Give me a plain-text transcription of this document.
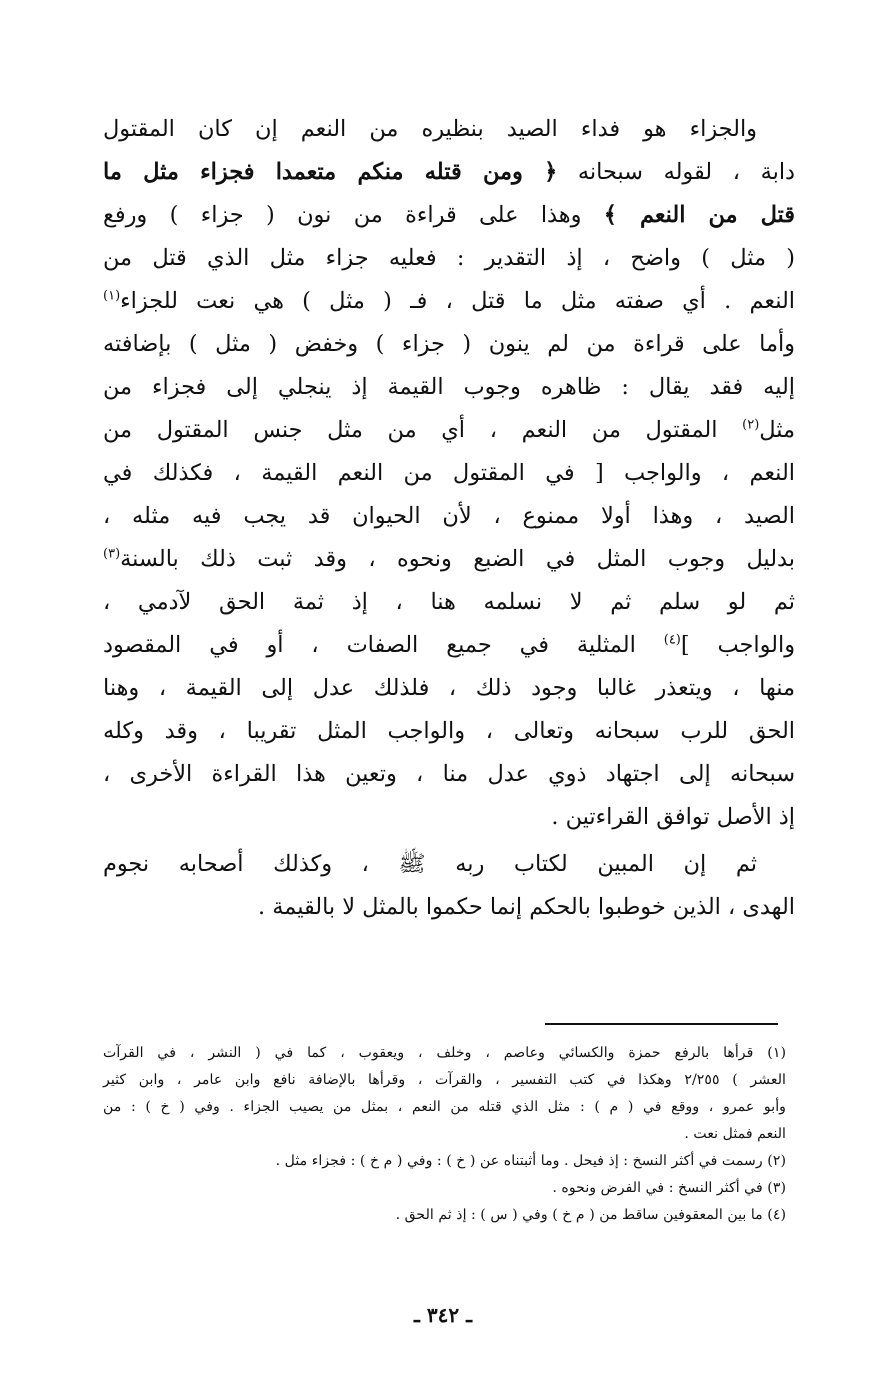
والجزاء هو فداء الصيد بنظيره من النعم إن كان المقتول
دابة ، لقوله سبحانه ﴿ ومن قتله منكم متعمدا فجزاء مثل ما
قتل من النعم ﴾ وهذا على قراءة من نون ( جزاء ) ورفع
( مثل ) واضح ، إذ التقدير : فعليه جزاء مثل الذي قتل من
النعم . أي صفته مثل ما قتل ، فـ ( مثل ) هي نعت للجزاء$^{(١)}$
وأما على قراءة من لم ينون ( جزاء ) وخفض ( مثل ) بإضافته
إليه فقد يقال : ظاهره وجوب القيمة إذ ينجلي إلى فجزاء من
مثل$^{(٢)}$ المقتول من النعم ، أي من مثل جنس المقتول من
النعم ، والواجب [ في المقتول من النعم القيمة ، فكذلك في
الصيد ، وهذا أولا ممنوع ، لأن الحيوان قد يجب فيه مثله ،
بدليل وجوب المثل في الضبع ونحوه ، وقد ثبت ذلك بالسنة$^{(٣)}$
ثم لو سلم ثم لا نسلمه هنا ، إذ ثمة الحق لآدمي ،
والواجب ]$^{(٤)}$ المثلية في جميع الصفات ، أو في المقصود
منها ، ويتعذر غالبا وجود ذلك ، فلذلك عدل إلى القيمة ، وهنا
الحق للرب سبحانه وتعالى ، والواجب المثل تقريبا ، وقد وكله
سبحانه إلى اجتهاد ذوي عدل منا ، وتعين هذا القراءة الأخرى ،
إذ الأصل توافق القراءتين .

ثم إن المبين لكتاب ربه ﷺ ، وكذلك أصحابه نجوم
الهدى ، الذين خوطبوا بالحكم إنما حكموا بالمثل لا بالقيمة .

(١) قرأها بالرفع حمزة والكسائي وعاصم ، وخلف ، ويعقوب ، كما في ( النشر ، في القرآت
العشر ) ٢/٢٥٥ وهكذا في كتب التفسير ، والقرآت ، وقرأها بالإضافة نافع وابن عامر ، وابن كثير
وأبو عمرو ، ووقع في ( م ) : مثل الذي قتله من النعم ، بمثل من يصيب الجزاء . وفي ( خ ) : من
النعم فمثل نعت .

(٢) رسمت في أكثر النسخ : إذ فيحل . وما أثبتناه عن ( خ ) : وفي ( م خ ) : فجزاء مثل .

(٣) في أكثر النسخ : في الفرض ونحوه .

(٤) ما بين المعقوفين ساقط من ( م خ ) وفي ( س ) : إذ ثم الحق .

ـ ٣٤٢ ـ
